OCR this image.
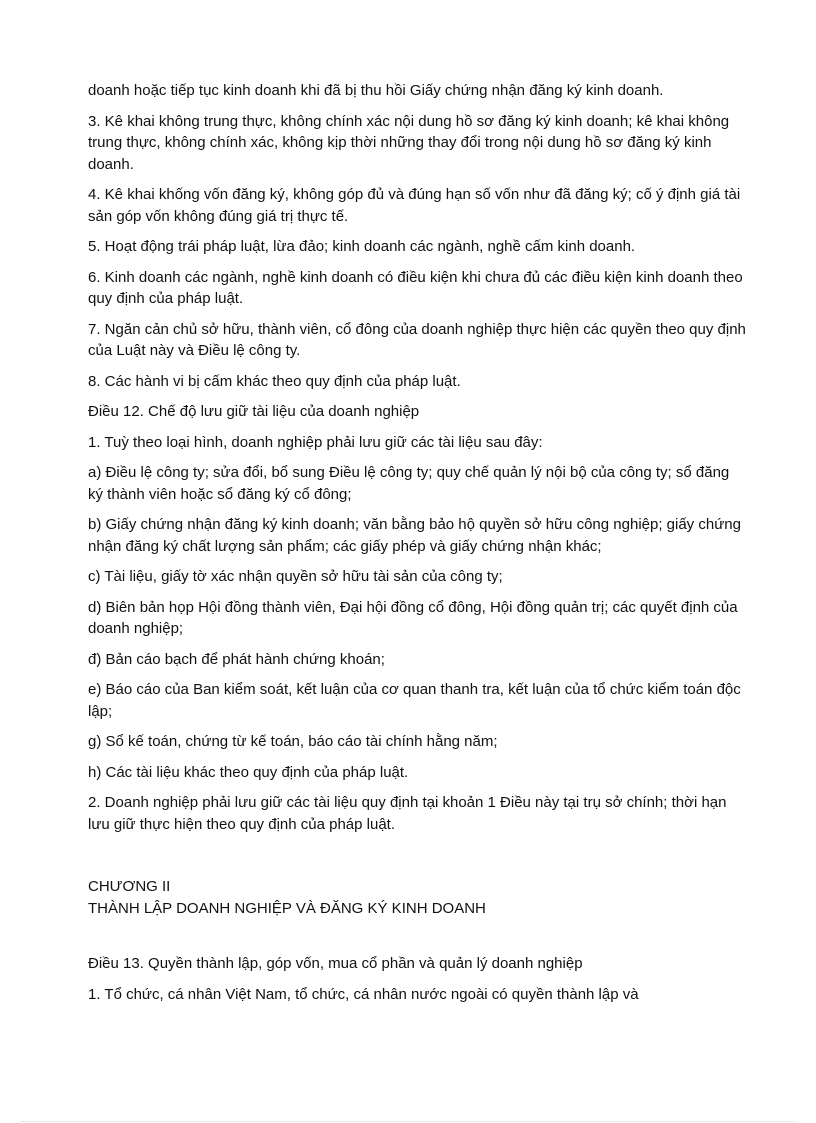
doanh hoặc tiếp tục kinh doanh khi đã bị thu hồi Giấy chứng nhận đăng ký kinh doanh.

3. Kê khai không trung thực, không chính xác nội dung hồ sơ đăng ký kinh doanh; kê khai không trung thực, không chính xác, không kịp thời những thay đổi trong nội dung hồ sơ đăng ký kinh doanh.

4. Kê khai khống vốn đăng ký, không góp đủ và đúng hạn số vốn như đã đăng ký; cố ý định giá tài sản góp vốn không đúng giá trị thực tế.

5. Hoạt động trái pháp luật, lừa đảo; kinh doanh các ngành, nghề cấm kinh doanh.

6. Kinh doanh các ngành, nghề kinh doanh có điều kiện khi chưa đủ các điều kiện kinh doanh theo quy định của pháp luật.

7. Ngăn cản chủ sở hữu, thành viên, cổ đông của doanh nghiệp thực hiện các quyền theo quy định của Luật này và Điều lệ công ty.

8. Các hành vi bị cấm khác theo quy định của pháp luật.

Điều 12. Chế độ lưu giữ tài liệu của doanh nghiệp

1. Tuỳ theo loại hình, doanh nghiệp phải lưu giữ các tài liệu sau đây:

a) Điều lệ công ty; sửa đổi, bổ sung Điều lệ công ty; quy chế quản lý nội bộ của công ty; sổ đăng ký thành viên hoặc sổ đăng ký cổ đông;

b) Giấy chứng nhận đăng ký kinh doanh; văn bằng bảo hộ quyền sở hữu công nghiệp; giấy chứng nhận đăng ký chất lượng sản phẩm; các giấy phép và giấy chứng nhận khác;

c) Tài liệu, giấy tờ xác nhận quyền sở hữu tài sản của công ty;

d) Biên bản họp Hội đồng thành viên, Đại hội đồng cổ đông, Hội đồng quản trị; các quyết định của doanh nghiệp;

đ) Bản cáo bạch để phát hành chứng khoán;

e) Báo cáo của Ban kiểm soát, kết luận của cơ quan thanh tra, kết luận của tổ chức kiểm toán độc lập;

g) Sổ kế toán, chứng từ kế toán, báo cáo tài chính hằng năm;

h) Các tài liệu khác theo quy định của pháp luật.

2. Doanh nghiệp phải lưu giữ các tài liệu quy định tại khoản 1 Điều này tại trụ sở chính; thời hạn lưu giữ thực hiện theo quy định của pháp luật.

CHƯƠNG II
THÀNH LẬP DOANH NGHIỆP VÀ ĐĂNG KÝ KINH DOANH

Điều 13. Quyền thành lập, góp vốn, mua cổ phần và quản lý doanh nghiệp

1. Tổ chức, cá nhân Việt Nam, tổ chức, cá nhân nước ngoài có quyền thành lập và
